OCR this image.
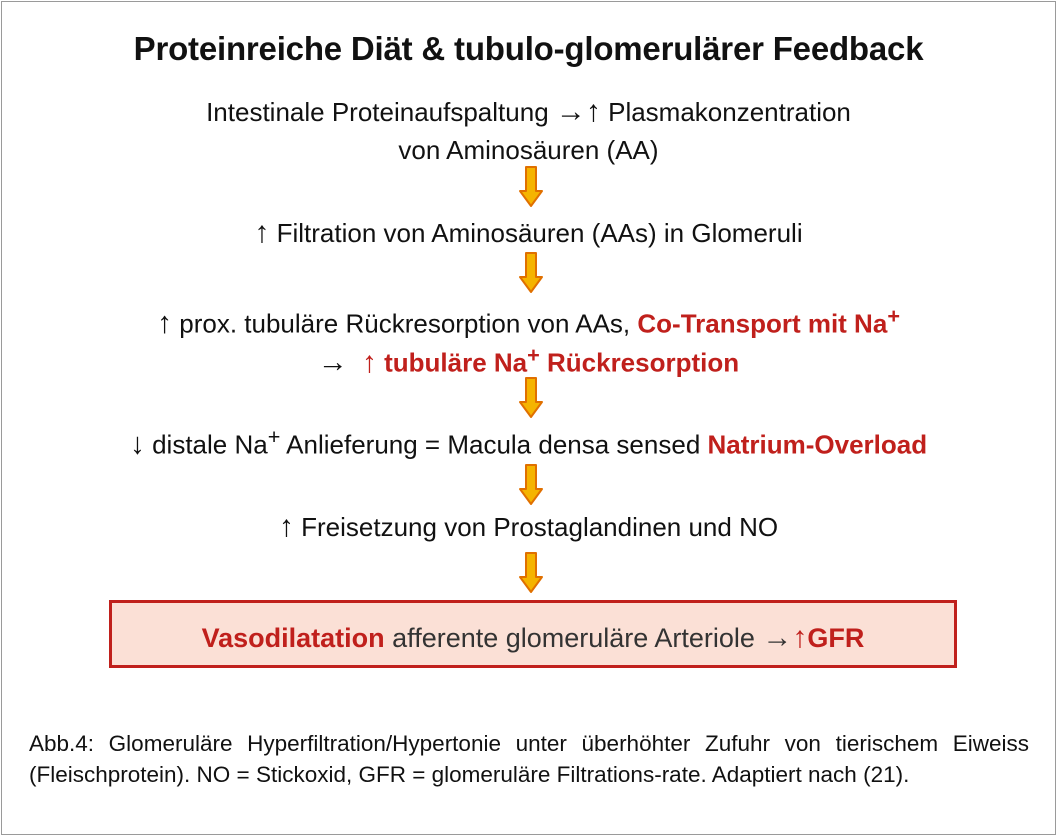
Proteinreiche Diät & tubulo-glomerulärer Feedback
Intestinale Proteinaufspaltung →↑ Plasmakonzentration
von Aminosäuren (AA)
↑ Filtration von Aminosäuren (AAs) in Glomeruli
↑ prox. tubuläre Rückresorption von AAs, Co-Transport mit Na+
→ ↑ tubuläre Na+ Rückresorption
↓ distale Na+ Anlieferung = Macula densa sensed Natrium-Overload
↑ Freisetzung von Prostaglandinen und NO
Vasodilatation afferente glomeruläre Arteriole →↑GFR
Abb.4: Glomeruläre Hyperfiltration/Hypertonie unter überhöhter Zufuhr von tierischem Eiweiss (Fleischprotein). NO = Stickoxid, GFR = glomeruläre Filtrations-rate. Adaptiert nach (21).
